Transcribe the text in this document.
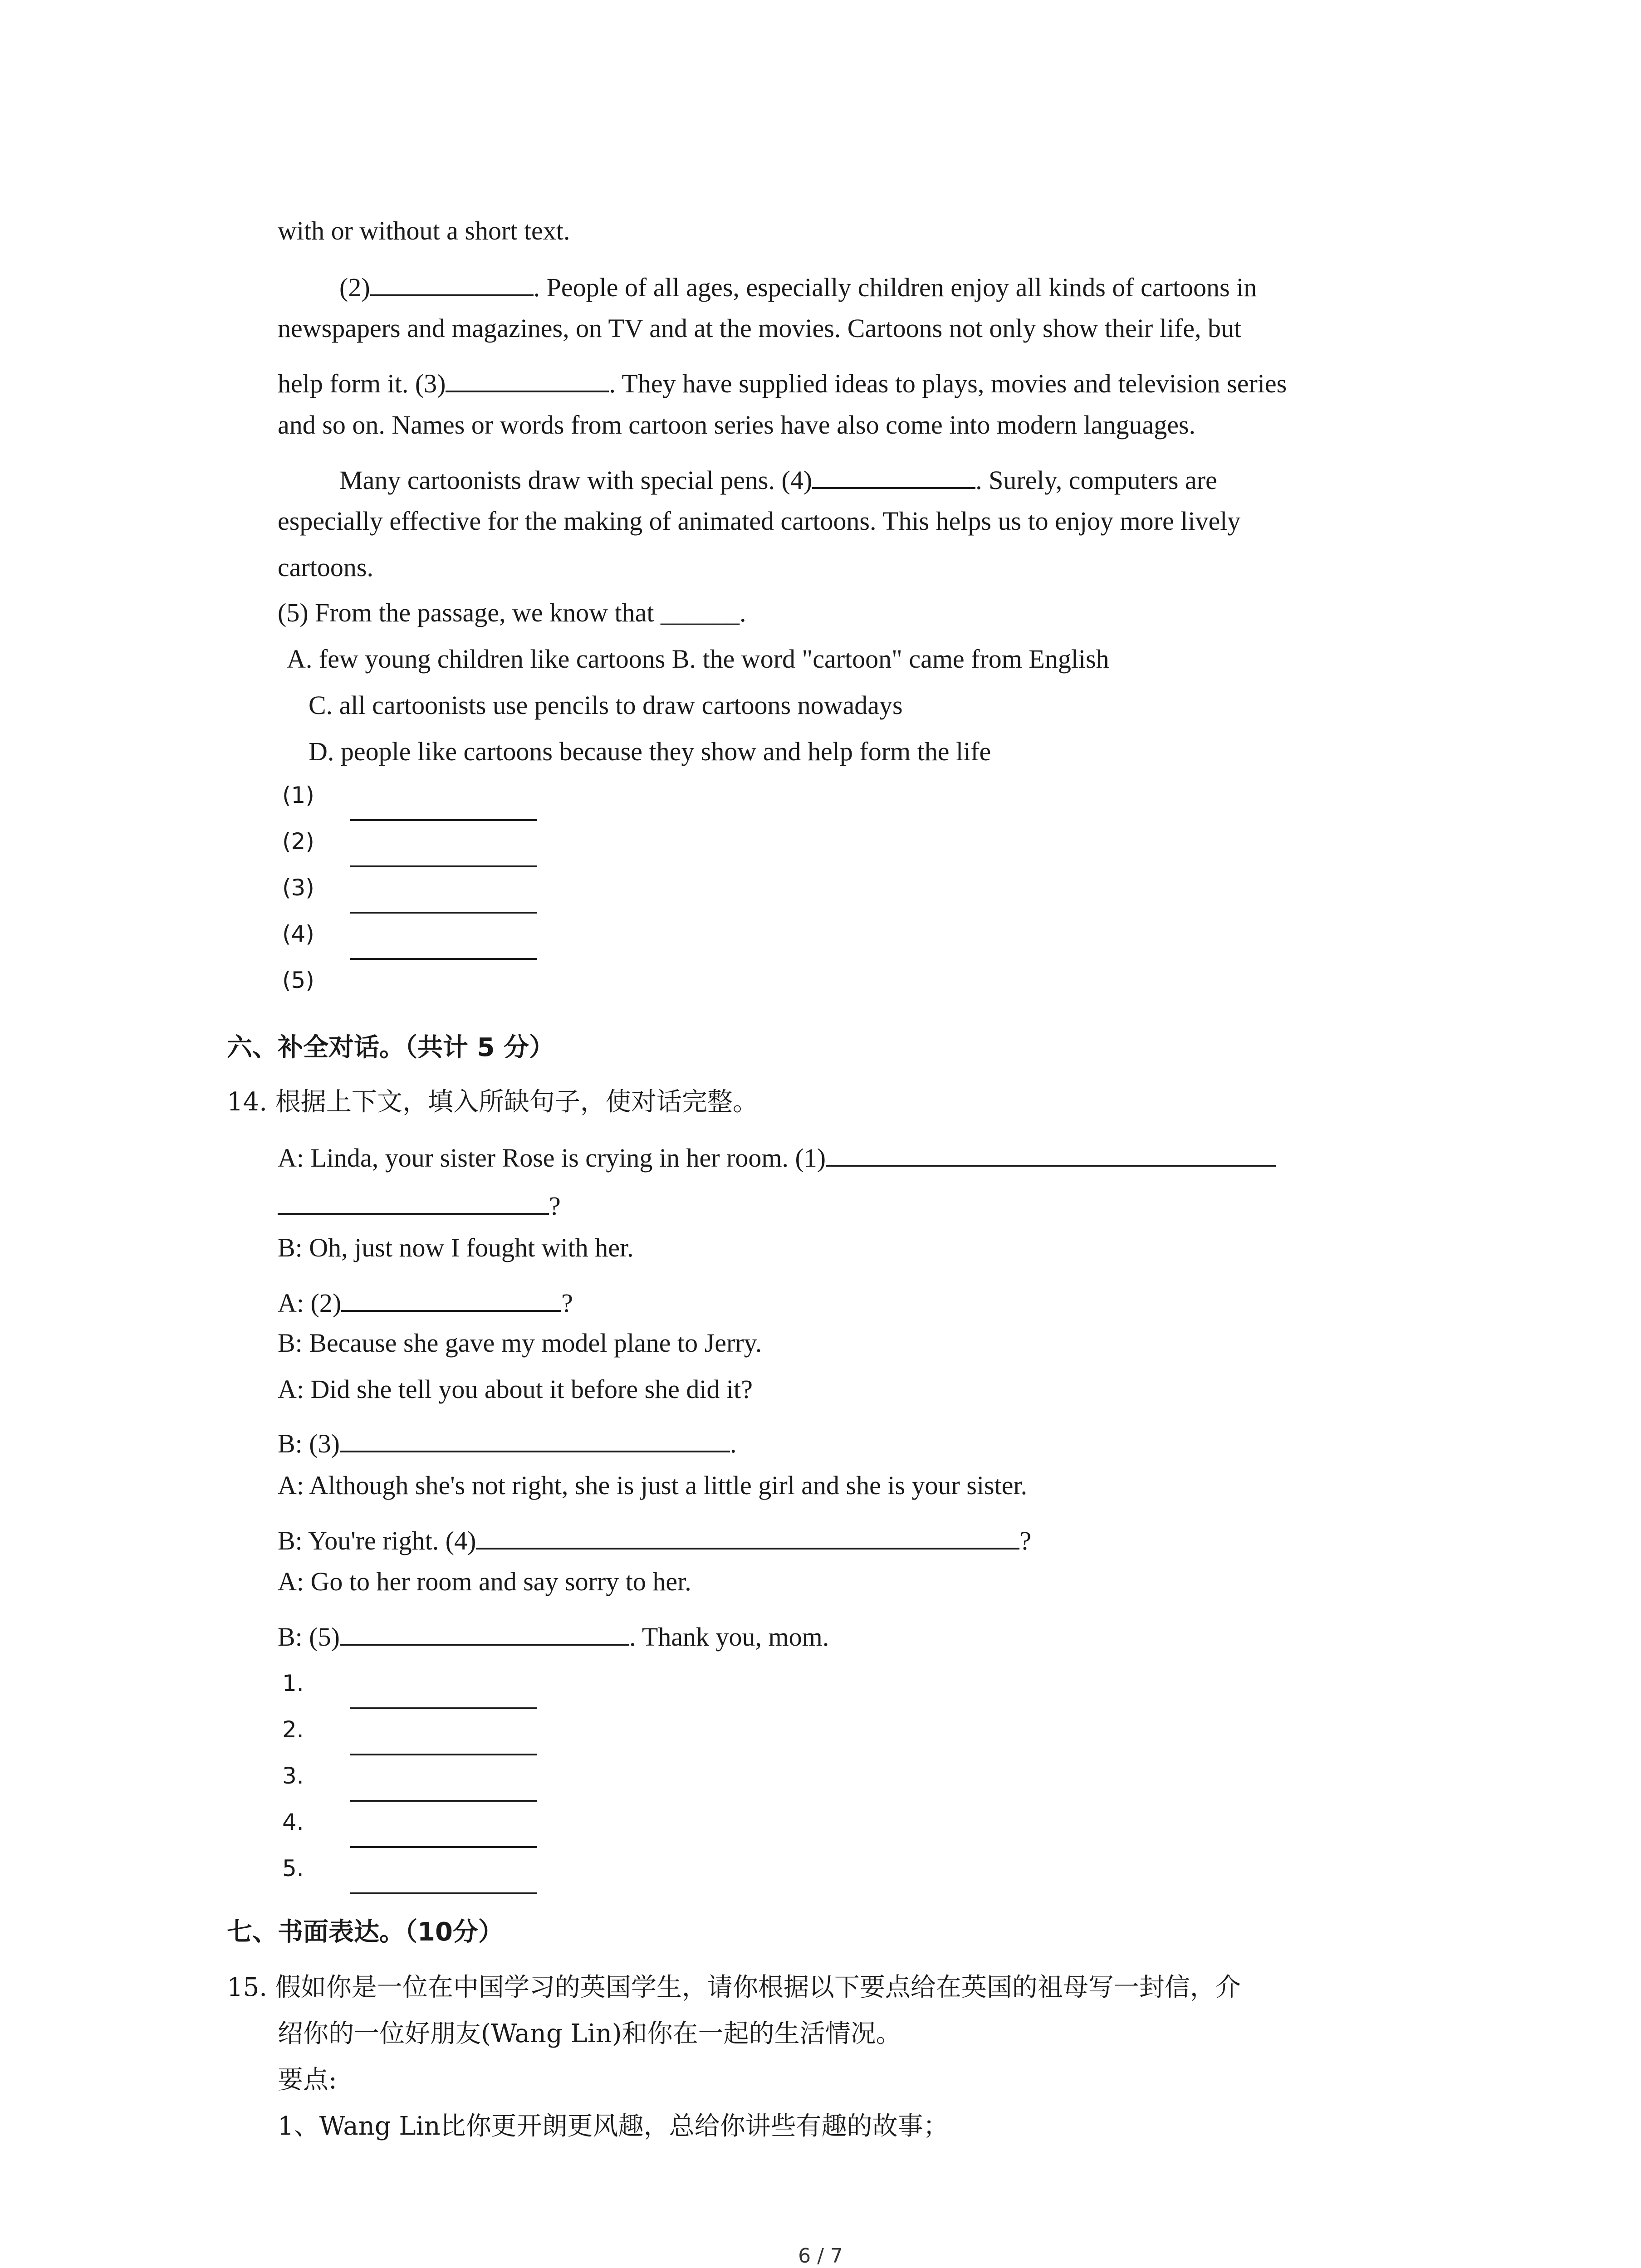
with or without a short text.
(2)	. People of all ages, especially children enjoy all kinds of cartoons in
newspapers and magazines, on TV and at the movies. Cartoons not only show their life, but
help form it. (3)	. They have supplied ideas to plays, movies and television series
and so on. Names or words from cartoon series have also come into modern languages.
Many cartoonists draw with special pens. (4)	. Surely, computers are
especially effective for the making of animated cartoons. This helps us to enjoy more lively
cartoons.
(5) From the passage, we know that ______.
A. few young children like cartoons B. the word "cartoon" came from English
C. all cartoonists use pencils to draw cartoons nowadays
D. people like cartoons because they show and help form the life
(1)
(2)
(3)
(4)
(5)
六、补全对话。（共计 5 分）
14. 根据上下文，填入所缺句子，使对话完整。
A: Linda, your sister Rose is crying in her room. (1)
?
B: Oh, just now I fought with her.
A: (2)	?
B: Because she gave my model plane to Jerry.
A: Did she tell you about it before she did it?
B: (3)	.
A: Although she's not right, she is just a little girl and she is your sister.
B: You're right. (4)	?
A: Go to her room and say sorry to her.
B: (5)	. Thank you, mom.
1.
2.
3.
4.
5.
七、书面表达。（10分）
15. 假如你是一位在中国学习的英国学生，请你根据以下要点给在英国的祖母写一封信，介
绍你的一位好朋友(Wang Lin)和你在一起的生活情况。
要点:
1、Wang Lin比你更开朗更风趣，总给你讲些有趣的故事；
6 / 7
